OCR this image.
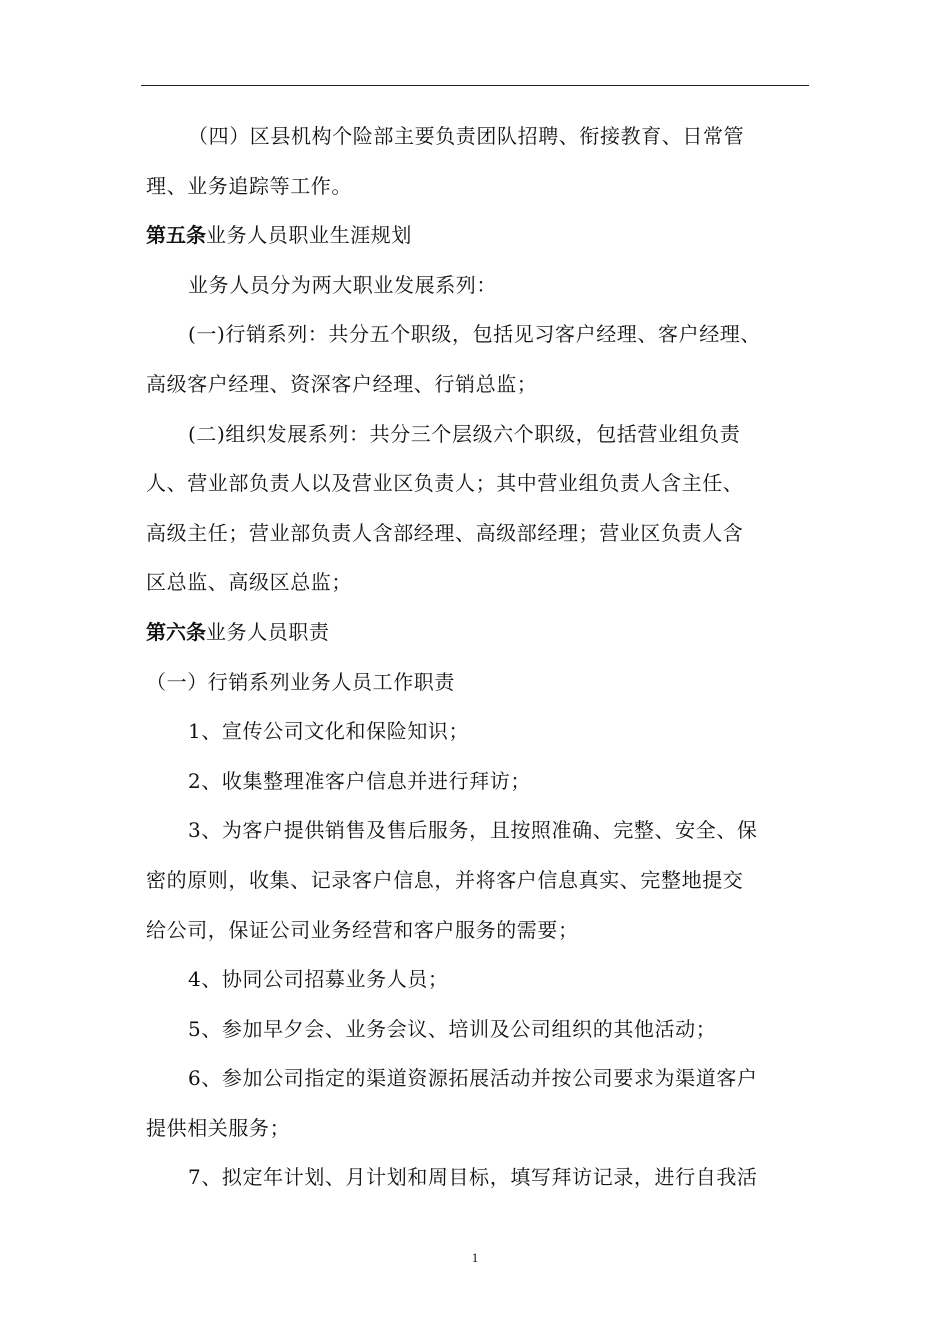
（四）区县机构个险部主要负责团队招聘、衔接教育、日常管
理、业务追踪等工作。
第五条业务人员职业生涯规划
业务人员分为两大职业发展系列：
(一)行销系列：共分五个职级，包括见习客户经理、客户经理、
高级客户经理、资深客户经理、行销总监；
(二)组织发展系列：共分三个层级六个职级，包括营业组负责
人、营业部负责人以及营业区负责人；其中营业组负责人含主任、
高级主任；营业部负责人含部经理、高级部经理；营业区负责人含
区总监、高级区总监；
第六条业务人员职责
（一）行销系列业务人员工作职责
1、宣传公司文化和保险知识；
2、收集整理准客户信息并进行拜访；
3、为客户提供销售及售后服务，且按照准确、完整、安全、保
密的原则，收集、记录客户信息，并将客户信息真实、完整地提交
给公司，保证公司业务经营和客户服务的需要；
4、协同公司招募业务人员；
5、参加早夕会、业务会议、培训及公司组织的其他活动；
6、参加公司指定的渠道资源拓展活动并按公司要求为渠道客户
提供相关服务；
7、拟定年计划、月计划和周目标，填写拜访记录，进行自我活
1
